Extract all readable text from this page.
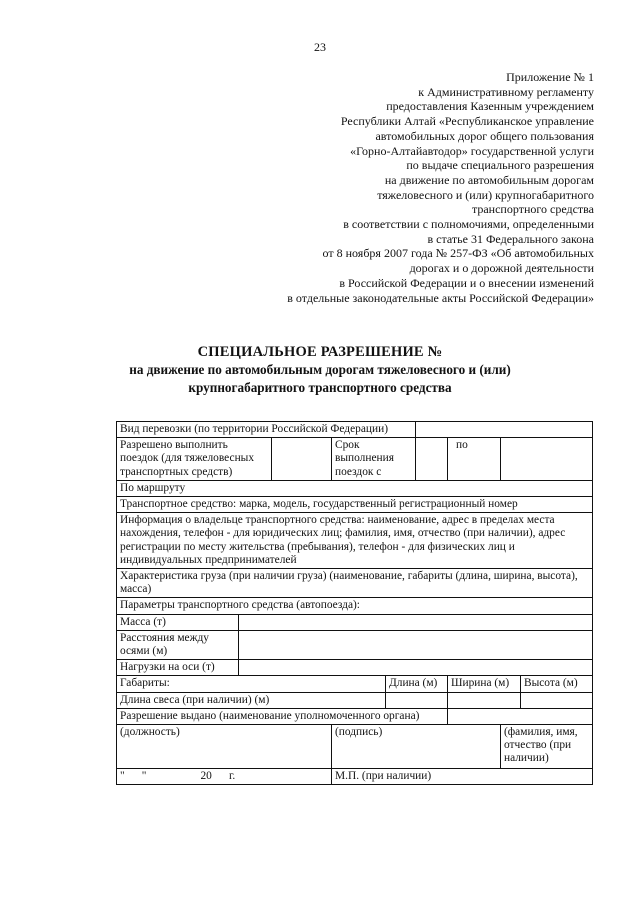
23
Приложение № 1
к Административному регламенту
предоставления Казенным учреждением
Республики Алтай «Республиканское управление
автомобильных дорог общего пользования
«Горно-Алтайавтодор» государственной услуги
по выдаче специального разрешения
на движение по автомобильным дорогам
тяжеловесного и (или) крупногабаритного
транспортного средства
в соответствии с полномочиями, определенными
в статье 31 Федерального закона
от 8 ноября 2007 года № 257-ФЗ «Об автомобильных
дорогах и о дорожной деятельности
в Российской Федерации и о внесении изменений
в отдельные законодательные акты Российской Федерации»
СПЕЦИАЛЬНОЕ РАЗРЕШЕНИЕ №
на движение по автомобильным дорогам тяжеловесного и (или)
крупногабаритного транспортного средства
Вид перевозки (по территории Российской Федерации)								
Разрешено выполнить поездок (для тяжеловесных транспортных средств)			Срок выполнения поездок с			по		
По маршруту								
Транспортное средство: марка, модель, государственный регистрационный номер								
Информация о владельце транспортного средства: наименование, адрес в пределах места нахождения, телефон - для юридических лиц; фамилия, имя, отчество (при наличии), адрес регистрации по месту жительства (пребывания), телефон - для физических лиц и индивидуальных предпринимателей								
Характеристика груза (при наличии груза) (наименование, габариты (длина, ширина, высота), масса)								
Параметры транспортного средства (автопоезда):								
Масса (т)								
Расстояния между осями (м)								
Нагрузки на оси (т)								
Габариты:				Длина (м)		Ширина (м)		Высота (м)
Длина свеса (при наличии) (м)								
Разрешение выдано (наименование уполномоченного органа)								
(должность)			(подпись)				(фамилия, имя, отчество (при наличии)	
"      "                   20      г.			М.П. (при наличии)					
